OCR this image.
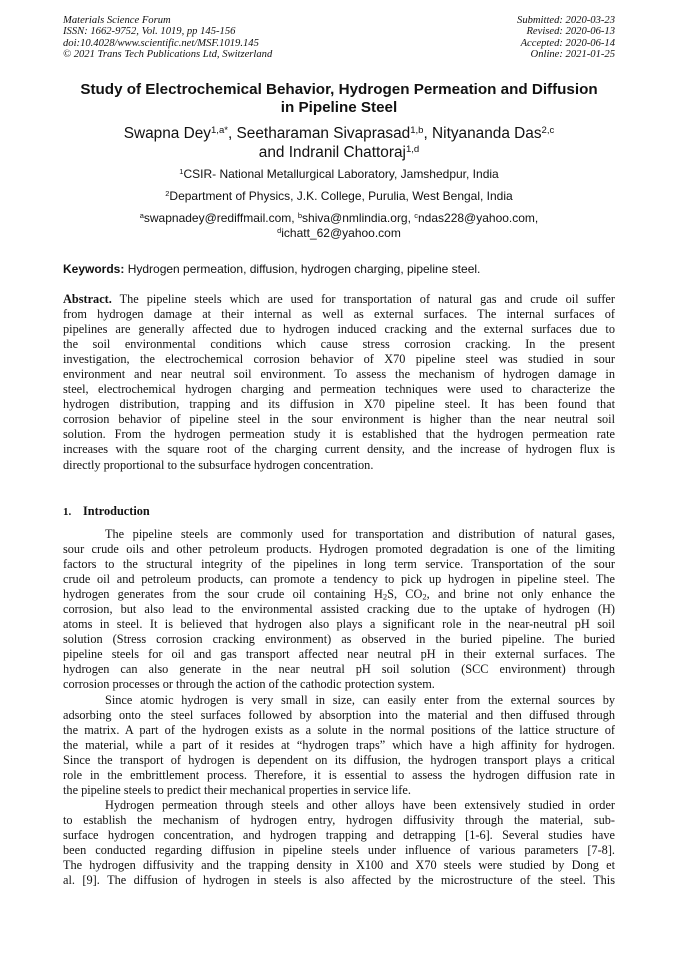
Materials Science Forum
ISSN: 1662-9752, Vol. 1019, pp 145-156
doi:10.4028/www.scientific.net/MSF.1019.145
© 2021 Trans Tech Publications Ltd, Switzerland
Submitted: 2020-03-23
Revised: 2020-06-13
Accepted: 2020-06-14
Online: 2021-01-25
Study of Electrochemical Behavior, Hydrogen Permeation and Diffusion
in Pipeline Steel
Swapna Dey$^{1,a*}$, Seetharaman Sivaprasad$^{1,b}$, Nityananda Das$^{2,c}$
and Indranil Chattoraj$^{1,d}$
$^1$CSIR- National Metallurgical Laboratory, Jamshedpur, India
$^2$Department of Physics, J.K. College, Purulia, West Bengal, India
$^a$swapnadey@rediffmail.com, $^b$shiva@nmlindia.org, $^c$ndas228@yahoo.com,
$^d$ichatt_62@yahoo.com
Keywords: Hydrogen permeation, diffusion, hydrogen charging, pipeline steel.
Abstract. The pipeline steels which are used for transportation of natural gas and crude oil suffer
from hydrogen damage at their internal as well as external surfaces. The internal surfaces of
pipelines are generally affected due to hydrogen induced cracking and the external surfaces due to
the soil environmental conditions which cause stress corrosion cracking. In the present
investigation, the electrochemical corrosion behavior of X70 pipeline steel was studied in sour
environment and near neutral soil environment. To assess the mechanism of hydrogen damage in
steel, electrochemical hydrogen charging and permeation techniques were used to characterize the
hydrogen distribution, trapping and its diffusion in X70 pipeline steel. It has been found that
corrosion behavior of pipeline steel in the sour environment is higher than the near neutral soil
solution. From the hydrogen permeation study it is established that the hydrogen permeation rate
increases with the square root of the charging current density, and the increase of hydrogen flux is
directly proportional to the subsurface hydrogen concentration.
1. Introduction
The pipeline steels are commonly used for transportation and distribution of natural gases,
sour crude oils and other petroleum products. Hydrogen promoted degradation is one of the limiting
factors to the structural integrity of the pipelines in long term service. Transportation of the sour
crude oil and petroleum products, can promote a tendency to pick up hydrogen in pipeline steel. The
hydrogen generates from the sour crude oil containing $H_2S$, $CO_2$, and brine not only enhance the
corrosion, but also lead to the environmental assisted cracking due to the uptake of hydrogen (H)
atoms in steel. It is believed that hydrogen also plays a significant role in the near-neutral pH soil
solution (Stress corrosion cracking environment) as observed in the buried pipeline. The buried
pipeline steels for oil and gas transport affected near neutral pH in their external surfaces. The
hydrogen can also generate in the near neutral pH soil solution (SCC environment) through
corrosion processes or through the action of the cathodic protection system.
Since atomic hydrogen is very small in size, can easily enter from the external sources by
adsorbing onto the steel surfaces followed by absorption into the material and then diffused through
the matrix. A part of the hydrogen exists as a solute in the normal positions of the lattice structure of
the material, while a part of it resides at “hydrogen traps” which have a high affinity for hydrogen.
Since the transport of hydrogen is dependent on its diffusion, the hydrogen transport plays a critical
role in the embrittlement process. Therefore, it is essential to assess the hydrogen diffusion rate in
the pipeline steels to predict their mechanical properties in service life.
Hydrogen permeation through steels and other alloys have been extensively studied in order
to establish the mechanism of hydrogen entry, hydrogen diffusivity through the material, sub-
surface hydrogen concentration, and hydrogen trapping and detrapping [1-6]. Several studies have
been conducted regarding diffusion in pipeline steels under influence of various parameters [7-8].
The hydrogen diffusivity and the trapping density in X100 and X70 steels were studied by Dong et
al. [9]. The diffusion of hydrogen in steels is also affected by the microstructure of the steel. This
